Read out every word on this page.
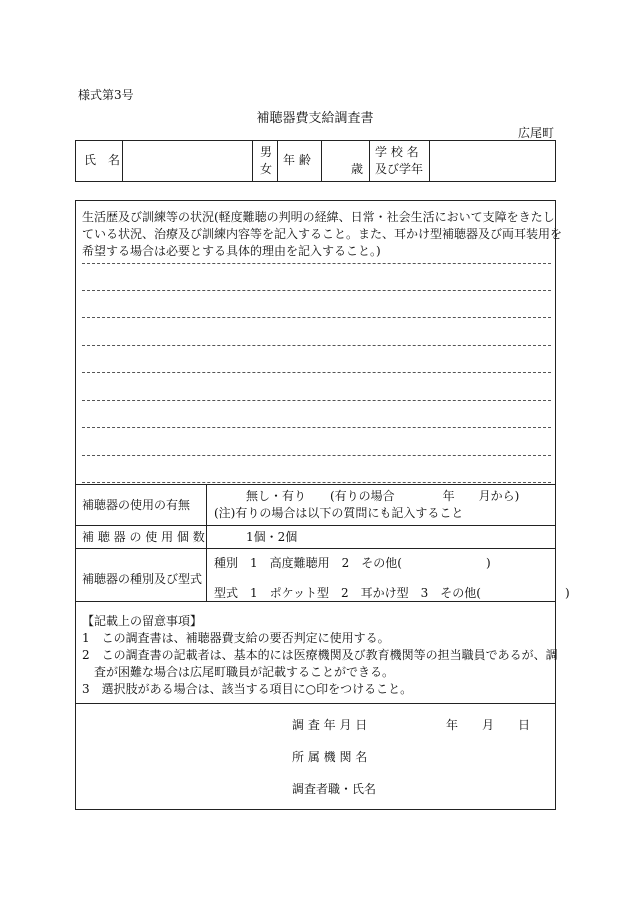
様式第3号
補聴器費支給調査書
広尾町
氏　名
男
女
年 齢
歳
学 校 名
及び学年
生活歴及び訓練等の状況(軽度難聴の判明の経緯、日常・社会生活において支障をきたし
ている状況、治療及び訓練内容等を記入すること。また、耳かけ型補聴器及び両耳装用を
希望する場合は必要とする具体的理由を記入すること。)
補聴器の使用の有無
無し・有り　　(有りの場合　　　　年　　月から)
(注)有りの場合は以下の質問にも記入すること
補 聴 器 の 使 用 個 数	1個・2個
補聴器の種別及び型式
種別　1　高度難聴用　2　その他(　　　　　　　)
型式　1　ポケット型　2　耳かけ型　3　その他(　　　　　　　)
【記載上の留意事項】
1　この調査書は、補聴器費支給の要否判定に使用する。
2　この調査書の記載者は、基本的には医療機関及び教育機関等の担当職員であるが、調
査が困難な場合は広尾町職員が記載することができる。
3　選択肢がある場合は、該当する項目に○印をつけること。
調 査 年 月 日	年　　月　　日
所 属 機 関 名
調査者職・氏名
